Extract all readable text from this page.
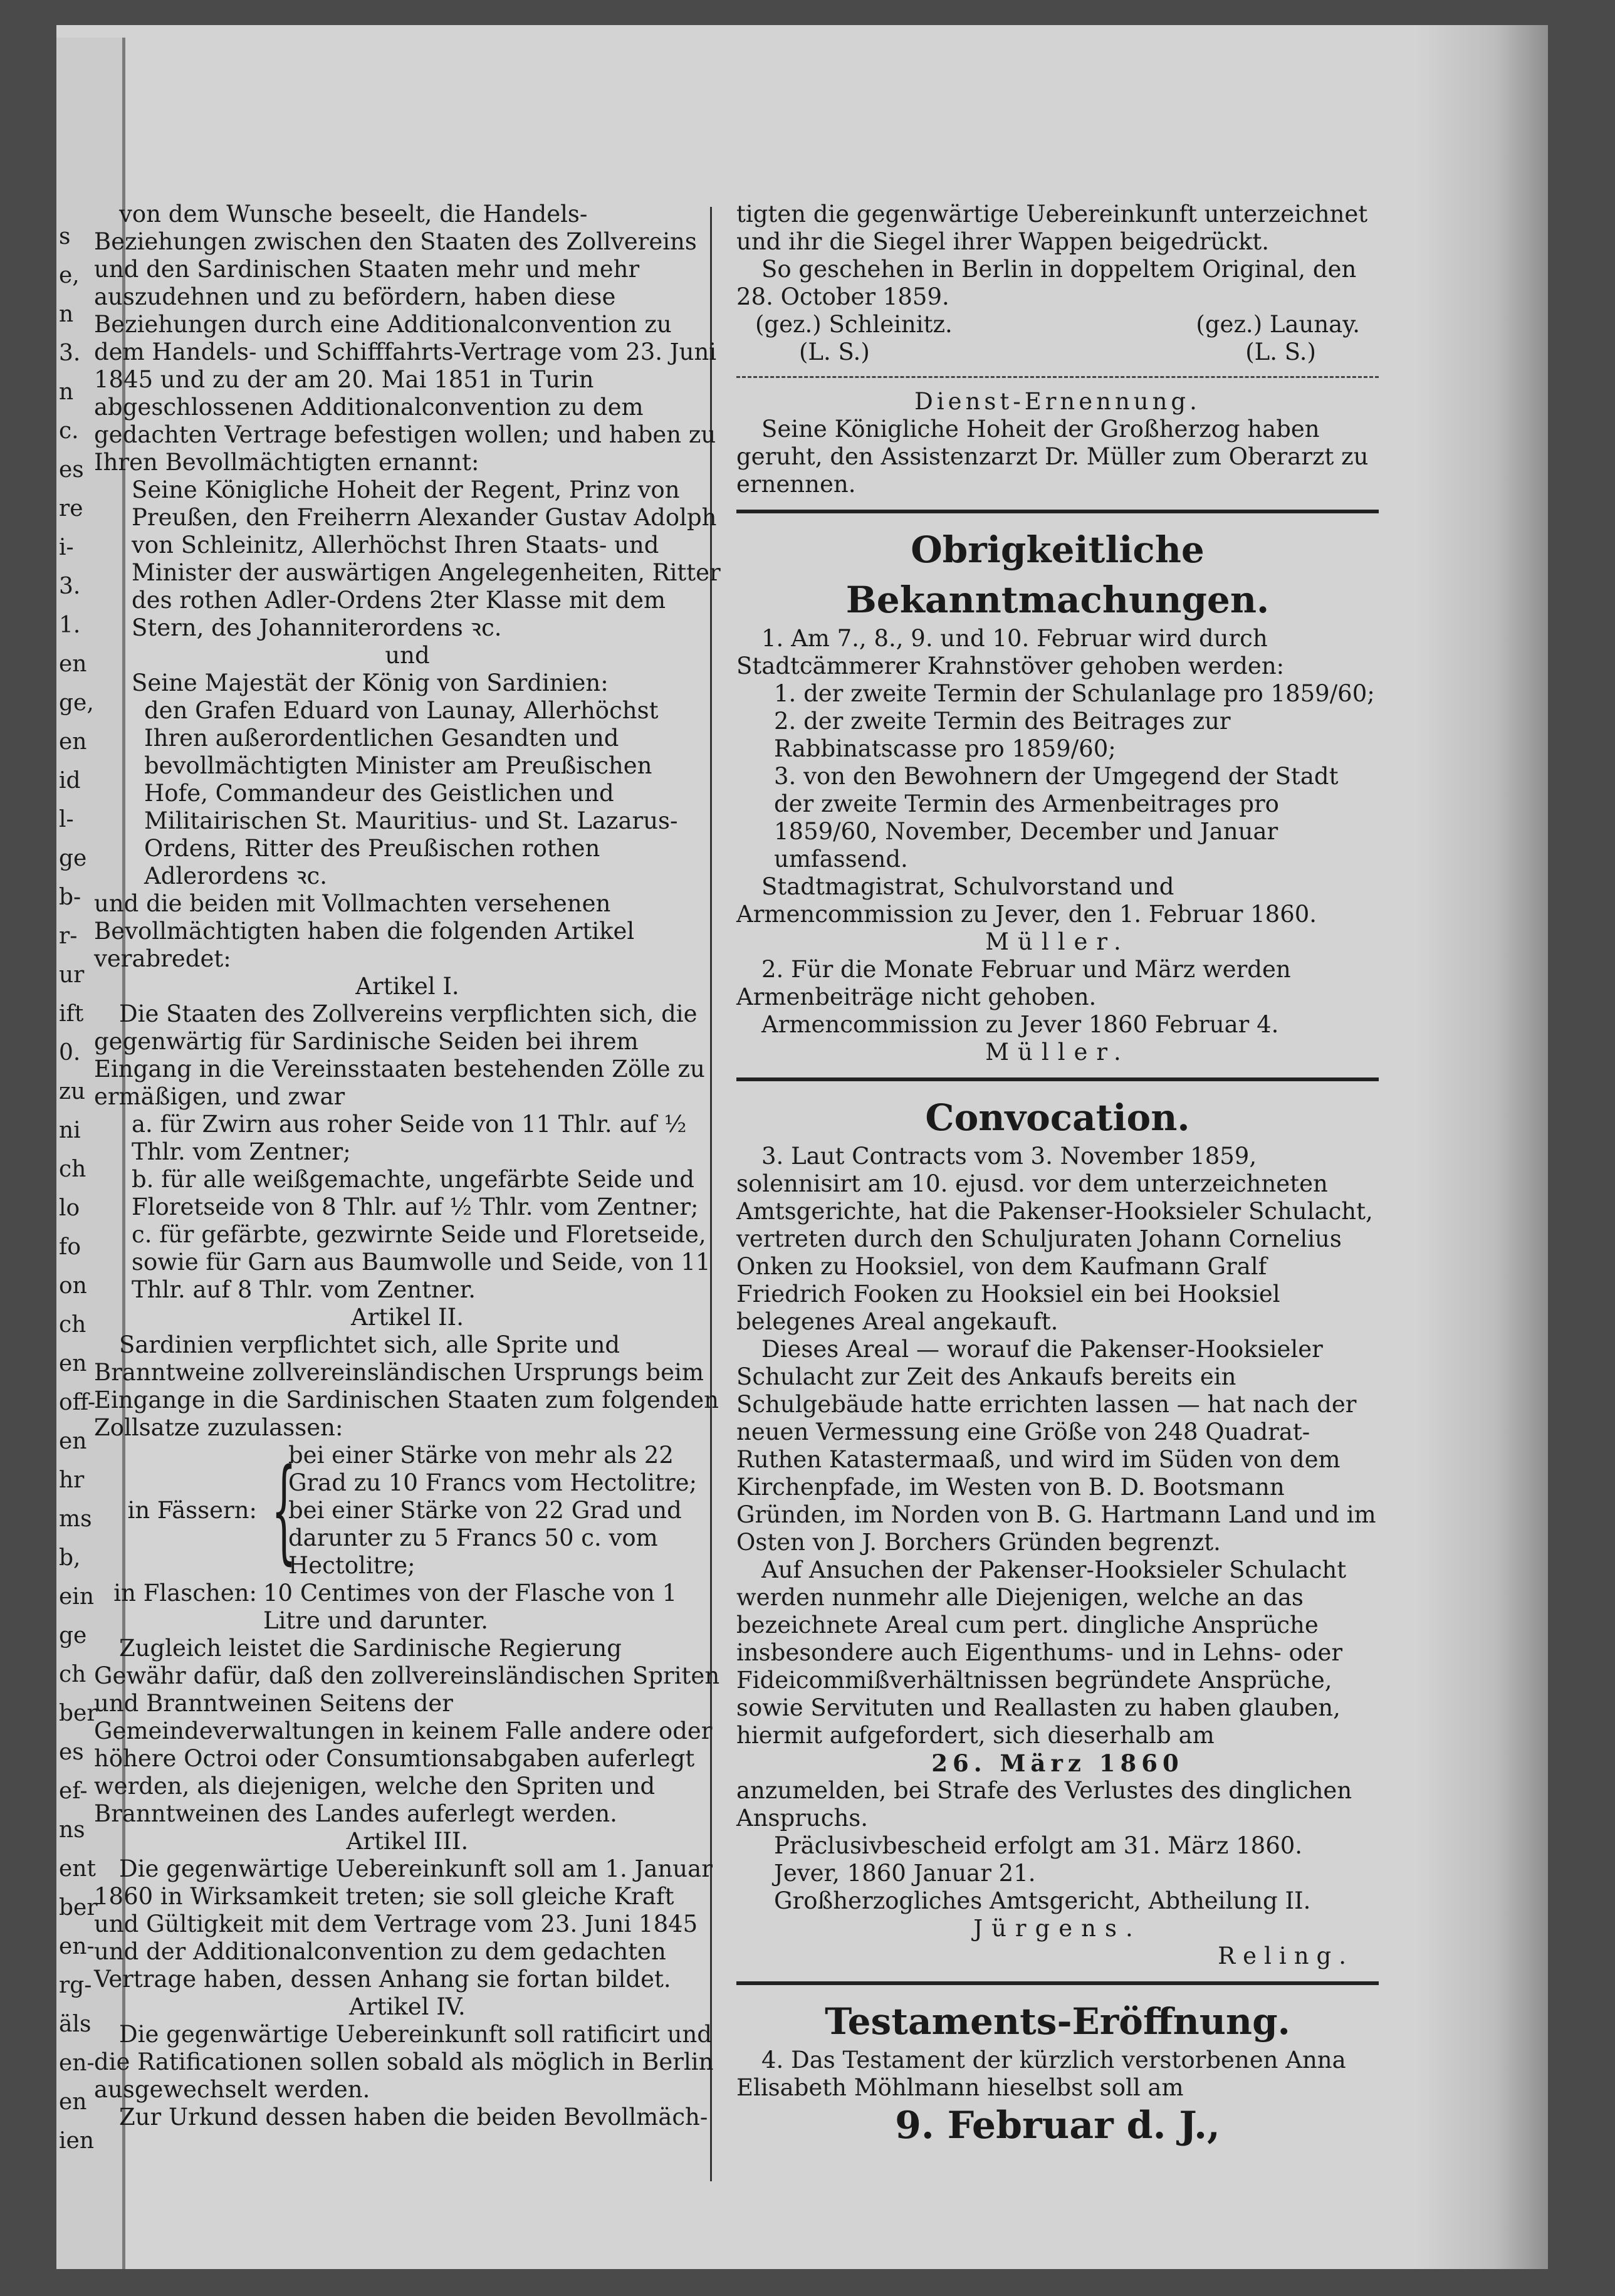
s
e,
n
3.
n
c.
es
re
i-
3.
1.
en
ge,
en
id
l-
ge
b-
r-
ur
ift
0.
zu
ni
ch
lo
fo
on
ch
en
off-
en
hr
ms
b,
ein
ge
ch
ber
es
ef-
ns
ent
ber
en-
rg-
äls
en-
en
ien

von dem Wunsche beseelt, die Handels-Beziehungen zwischen den Staaten des Zollvereins und den Sardinischen Staaten mehr und mehr auszudehnen und zu befördern, haben diese Beziehungen durch eine Additionalconvention zu dem Handels- und Schifffahrts-Vertrage vom 23. Juni 1845 und zu der am 20. Mai 1851 in Turin abgeschlossenen Additionalconvention zu dem gedachten Vertrage befestigen wollen; und haben zu Ihren Bevollmächtigten ernannt:

Seine Königliche Hoheit der Regent, Prinz von Preußen, den Freiherrn Alexander Gustav Adolph von Schleinitz, Allerhöchst Ihren Staats- und Minister der auswärtigen Angelegenheiten, Ritter des rothen Adler-Ordens 2ter Klasse mit dem Stern, des Johanniterordens ꝛc.

und

Seine Majestät der König von Sardinien:

den Grafen Eduard von Launay, Allerhöchst Ihren außerordentlichen Gesandten und bevollmächtigten Minister am Preußischen Hofe, Commandeur des Geistlichen und Militairischen St. Mauritius- und St. Lazarus-Ordens, Ritter des Preußischen rothen Adlerordens ꝛc.

und die beiden mit Vollmachten versehenen Bevollmächtigten haben die folgenden Artikel verabredet:

Artikel I.

Die Staaten des Zollvereins verpflichten sich, die gegenwärtig für Sardinische Seiden bei ihrem Eingang in die Vereinsstaaten bestehenden Zölle zu ermäßigen, und zwar

a. für Zwirn aus roher Seide von 11 Thlr. auf ½ Thlr. vom Zentner;

b. für alle weißgemachte, ungefärbte Seide und Floretseide von 8 Thlr. auf ½ Thlr. vom Zentner;

c. für gefärbte, gezwirnte Seide und Floretseide, sowie für Garn aus Baumwolle und Seide, von 11 Thlr. auf 8 Thlr. vom Zentner.

Artikel II.

Sardinien verpflichtet sich, alle Sprite und Branntweine zollvereinsländischen Ursprungs beim Eingange in die Sardinischen Staaten zum folgenden Zollsatze zuzulassen:

in Fässern: {

bei einer Stärke von mehr als 22 Grad zu 10 Francs vom Hectolitre;

bei einer Stärke von 22 Grad und darunter zu 5 Francs 50 c. vom Hectolitre;

in Flaschen: 10 Centimes von der Flasche von 1 Litre und darunter.

Zugleich leistet die Sardinische Regierung Gewähr dafür, daß den zollvereinsländischen Spriten und Branntweinen Seitens der Gemeindeverwaltungen in keinem Falle andere oder höhere Octroi oder Consumtionsabgaben auferlegt werden, als diejenigen, welche den Spriten und Branntweinen des Landes auferlegt werden.

Artikel III.

Die gegenwärtige Uebereinkunft soll am 1. Januar 1860 in Wirksamkeit treten; sie soll gleiche Kraft und Gültigkeit mit dem Vertrage vom 23. Juni 1845 und der Additionalconvention zu dem gedachten Vertrage haben, dessen Anhang sie fortan bildet.

Artikel IV.

Die gegenwärtige Uebereinkunft soll ratificirt und die Ratificationen sollen sobald als möglich in Berlin ausgewechselt werden.

Zur Urkund dessen haben die beiden Bevollmäch-

tigten die gegenwärtige Uebereinkunft unterzeichnet und ihr die Siegel ihrer Wappen beigedrückt.

So geschehen in Berlin in doppeltem Original, den 28. October 1859.

(gez.) Schleinitz.	(gez.) Launay.
(L. S.)	(L. S.)

Dienst-Ernennung.

Seine Königliche Hoheit der Großherzog haben geruht, den Assistenzarzt Dr. Müller zum Oberarzt zu ernennen.

Obrigkeitliche Bekanntmachungen.

1. Am 7., 8., 9. und 10. Februar wird durch Stadtcämmerer Krahnstöver gehoben werden:

1. der zweite Termin der Schulanlage pro 1859/60;

2. der zweite Termin des Beitrages zur Rabbinatscasse pro 1859/60;

3. von den Bewohnern der Umgegend der Stadt der zweite Termin des Armenbeitrages pro 1859/60, November, December und Januar umfassend.

Stadtmagistrat, Schulvorstand und Armencommission zu Jever, den 1. Februar 1860.

Müller.

2. Für die Monate Februar und März werden Armenbeiträge nicht gehoben.

Armencommission zu Jever 1860 Februar 4.

Müller.

Convocation.

3. Laut Contracts vom 3. November 1859, solennisirt am 10. ejusd. vor dem unterzeichneten Amtsgerichte, hat die Pakenser-Hooksieler Schulacht, vertreten durch den Schuljuraten Johann Cornelius Onken zu Hooksiel, von dem Kaufmann Gralf Friedrich Fooken zu Hooksiel ein bei Hooksiel belegenes Areal angekauft.

Dieses Areal — worauf die Pakenser-Hooksieler Schulacht zur Zeit des Ankaufs bereits ein Schulgebäude hatte errichten lassen — hat nach der neuen Vermessung eine Größe von 248 Quadrat-Ruthen Katastermaaß, und wird im Süden von dem Kirchenpfade, im Westen von B. D. Bootsmann Gründen, im Norden von B. G. Hartmann Land und im Osten von J. Borchers Gründen begrenzt.

Auf Ansuchen der Pakenser-Hooksieler Schulacht werden nunmehr alle Diejenigen, welche an das bezeichnete Areal cum pert. dingliche Ansprüche insbesondere auch Eigenthums- und in Lehns- oder Fideicommißverhältnissen begründete Ansprüche, sowie Servituten und Reallasten zu haben glauben, hiermit aufgefordert, sich dieserhalb am

26. März 1860

anzumelden, bei Strafe des Verlustes des dinglichen Anspruchs.

Präclusivbescheid erfolgt am 31. März 1860.

Jever, 1860 Januar 21.

Großherzogliches Amtsgericht, Abtheilung II.

Jürgens.

Reling.

Testaments-Eröffnung.

4. Das Testament der kürzlich verstorbenen Anna Elisabeth Möhlmann hieselbst soll am

9. Februar d. J.,
